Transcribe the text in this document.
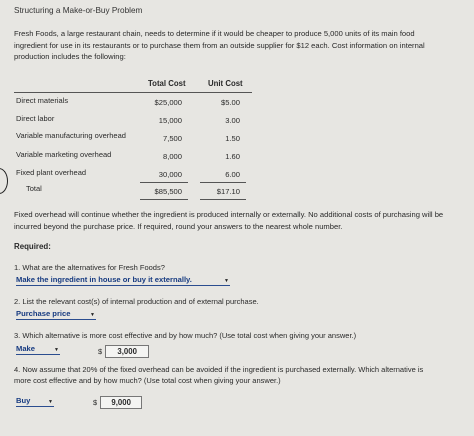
Structuring a Make-or-Buy Problem
Fresh Foods, a large restaurant chain, needs to determine if it would be cheaper to produce 5,000 units of its main food
ingredient for use in its restaurants or to purchase them from an outside supplier for $12 each. Cost information on internal
production includes the following:
Total Cost	Unit Cost
Direct materials	$25,000	$5.00
Direct labor	15,000	3.00
Variable manufacturing overhead	7,500	1.50
Variable marketing overhead	8,000	1.60
Fixed plant overhead	30,000	6.00
Total	$85,500	$17.10
Fixed overhead will continue whether the ingredient is produced internally or externally. No additional costs of purchasing will be
incurred beyond the purchase price. If required, round your answers to the nearest whole number.
Required:
1. What are the alternatives for Fresh Foods?
Make the ingredient in house or buy it externally.	▼
2. List the relevant cost(s) of internal production and of external purchase.
Purchase price	▼
3. Which alternative is more cost effective and by how much? (Use total cost when giving your answer.)
Make	▼	$	3,000
4. Now assume that 20% of the fixed overhead can be avoided if the ingredient is purchased externally. Which alternative is
more cost effective and by how much? (Use total cost when giving your answer.)
Buy	▼	$	9,000
